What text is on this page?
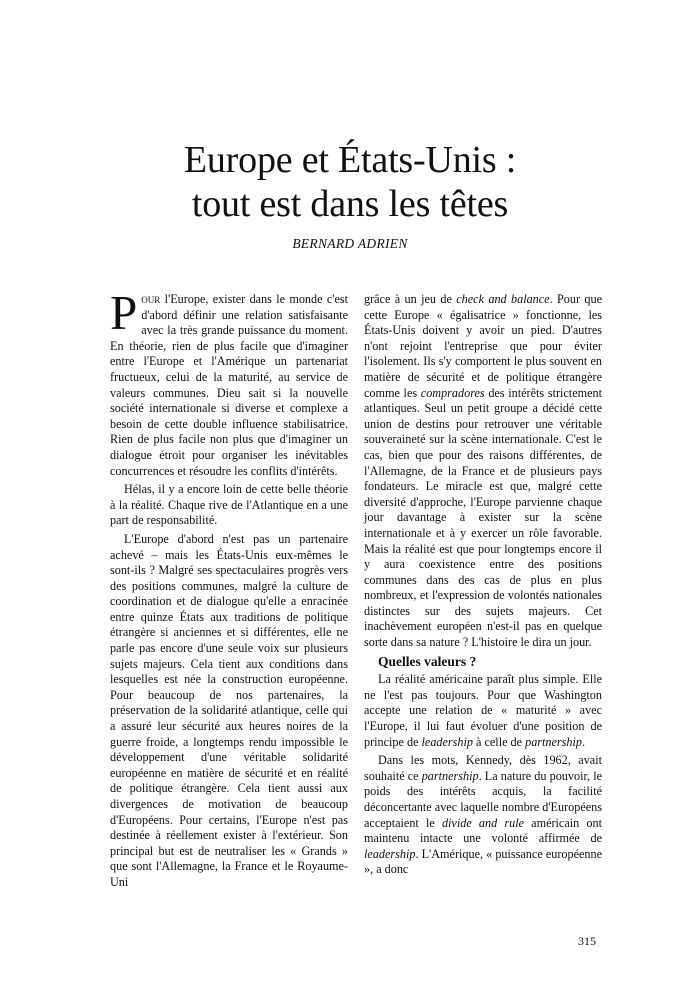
Europe et États-Unis :
tout est dans les têtes

BERNARD ADRIEN

Pour l'Europe, exister dans le monde c'est d'abord définir une relation satisfaisante avec la très grande puissance du moment. En théorie, rien de plus facile que d'imaginer entre l'Europe et l'Amérique un partenariat fructueux, celui de la maturité, au service de valeurs communes. Dieu sait si la nouvelle société internationale si diverse et complexe a besoin de cette double influence stabilisatrice. Rien de plus facile non plus que d'imaginer un dialogue étroit pour organiser les inévitables concurrences et résoudre les conflits d'intérêts.

Hélas, il y a encore loin de cette belle théorie à la réalité. Chaque rive de l'Atlantique en a une part de responsabilité.

L'Europe d'abord n'est pas un partenaire achevé – mais les États-Unis eux-mêmes le sont-ils ? Malgré ses spectaculaires progrès vers des positions communes, malgré la culture de coordination et de dialogue qu'elle a enracinée entre quinze États aux traditions de politique étrangère si anciennes et si différentes, elle ne parle pas encore d'une seule voix sur plusieurs sujets majeurs. Cela tient aux conditions dans lesquelles est née la construction européenne. Pour beaucoup de nos partenaires, la préservation de la solidarité atlantique, celle qui a assuré leur sécurité aux heures noires de la guerre froide, a longtemps rendu impossible le développement d'une véritable solidarité européenne en matière de sécurité et en réalité de politique étrangère. Cela tient aussi aux divergences de motivation de beaucoup d'Européens. Pour certains, l'Europe n'est pas destinée à réellement exister à l'extérieur. Son principal but est de neutraliser les « Grands » que sont l'Allemagne, la France et le Royaume-Uni

grâce à un jeu de check and balance. Pour que cette Europe « égalisatrice » fonctionne, les États-Unis doivent y avoir un pied. D'autres n'ont rejoint l'entreprise que pour éviter l'isolement. Ils s'y comportent le plus souvent en matière de sécurité et de politique étrangère comme les compradores des intérêts strictement atlantiques. Seul un petit groupe a décidé cette union de destins pour retrouver une véritable souveraineté sur la scène internationale. C'est le cas, bien que pour des raisons différentes, de l'Allemagne, de la France et de plusieurs pays fondateurs. Le miracle est que, malgré cette diversité d'approche, l'Europe parvienne chaque jour davantage à exister sur la scène internationale et à y exercer un rôle favorable. Mais la réalité est que pour longtemps encore il y aura coexistence entre des positions communes dans des cas de plus en plus nombreux, et l'expression de volontés nationales distinctes sur des sujets majeurs. Cet inachèvement européen n'est-il pas en quelque sorte dans sa nature ? L'histoire le dira un jour.

Quelles valeurs ?

La réalité américaine paraît plus simple. Elle ne l'est pas toujours. Pour que Washington accepte une relation de « maturité » avec l'Europe, il lui faut évoluer d'une position de principe de leadership à celle de partnership.

Dans les mots, Kennedy, dès 1962, avait souhaité ce partnership. La nature du pouvoir, le poids des intérêts acquis, la facilité déconcertante avec laquelle nombre d'Européens acceptaient le divide and rule américain ont maintenu intacte une volonté affirmée de leadership. L'Amérique, « puissance européenne », a donc

315
